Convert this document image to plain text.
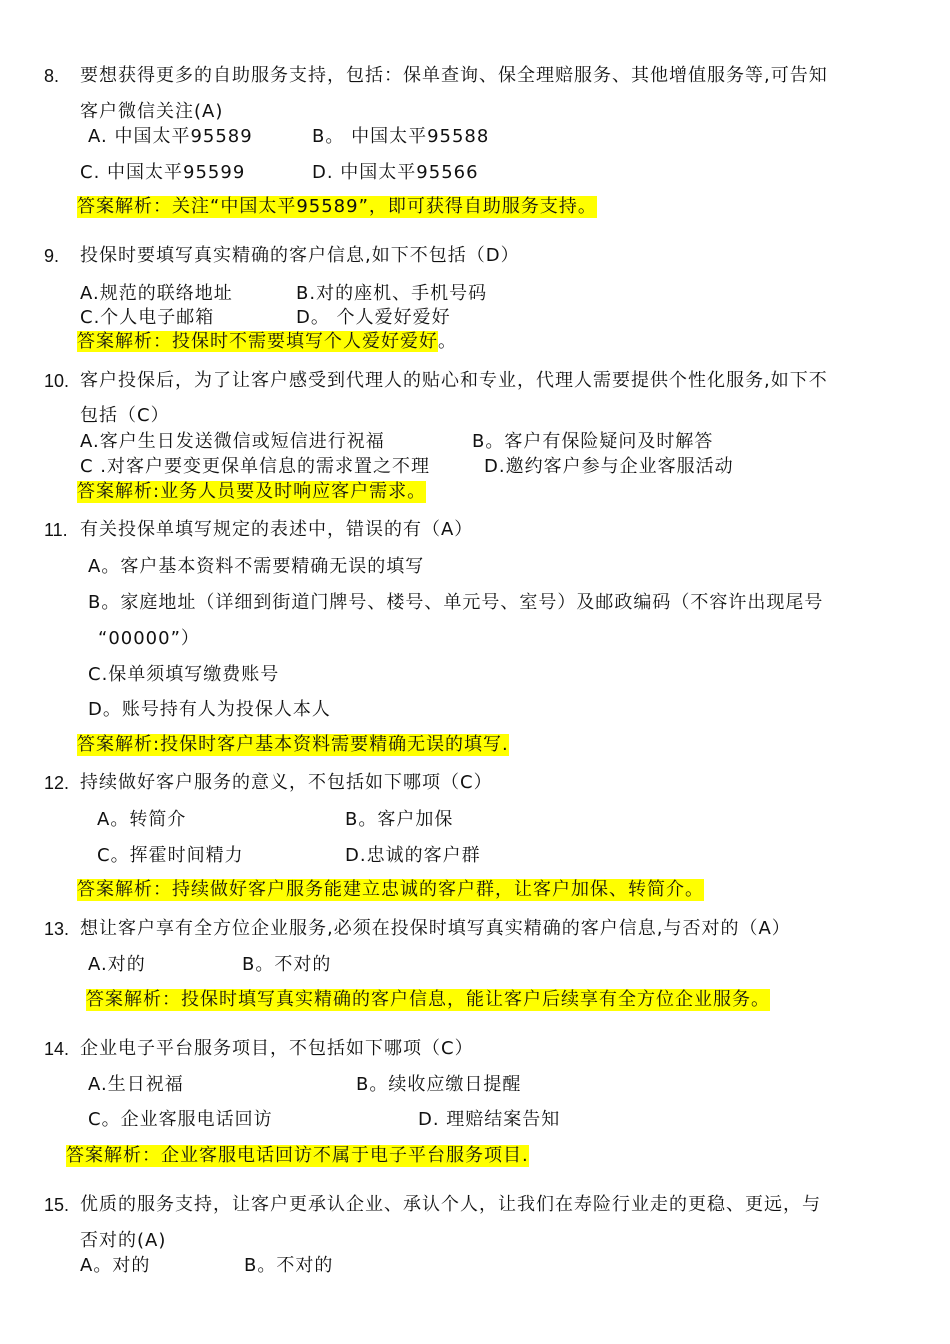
8. 要想获得更多的自助服务支持，包括：保单查询、保全理赔服务、其他增值服务等,可告知
客户微信关注(A)
A. 中国太平95589	B。 中国太平95588
C. 中国太平95599	D. 中国太平95566
答案解析：关注“中国太平95589”，即可获得自助服务支持。
9. 投保时要填写真实精确的客户信息,如下不包括（D）
A.规范的联络地址	B.对的座机、手机号码
C.个人电子邮箱	D。 个人爱好爱好
答案解析：投保时不需要填写个人爱好爱好。
10. 客户投保后，为了让客户感受到代理人的贴心和专业，代理人需要提供个性化服务,如下不
包括（C）
A.客户生日发送微信或短信进行祝福	B。客户有保险疑问及时解答
C .对客户要变更保单信息的需求置之不理	D.邀约客户参与企业客服活动
答案解析:业务人员要及时响应客户需求。
11. 有关投保单填写规定的表述中，错误的有（A）
A。客户基本资料不需要精确无误的填写
B。家庭地址（详细到街道门牌号、楼号、单元号、室号）及邮政编码（不容许出现尾号
“00000”）
C.保单须填写缴费账号
D。账号持有人为投保人本人
答案解析:投保时客户基本资料需要精确无误的填写.
12. 持续做好客户服务的意义，不包括如下哪项（C）
A。转简介	B。客户加保
C。挥霍时间精力	D.忠诚的客户群
答案解析：持续做好客户服务能建立忠诚的客户群，让客户加保、转简介。
13. 想让客户享有全方位企业服务,必须在投保时填写真实精确的客户信息,与否对的（A）
A.对的	B。不对的
答案解析：投保时填写真实精确的客户信息，能让客户后续享有全方位企业服务。
14. 企业电子平台服务项目，不包括如下哪项（C）
A.生日祝福	B。续收应缴日提醒
C。企业客服电话回访	D. 理赔结案告知
答案解析：企业客服电话回访不属于电子平台服务项目.
15. 优质的服务支持，让客户更承认企业、承认个人，让我们在寿险行业走的更稳、更远，与
否对的(A)
A。对的	B。不对的
